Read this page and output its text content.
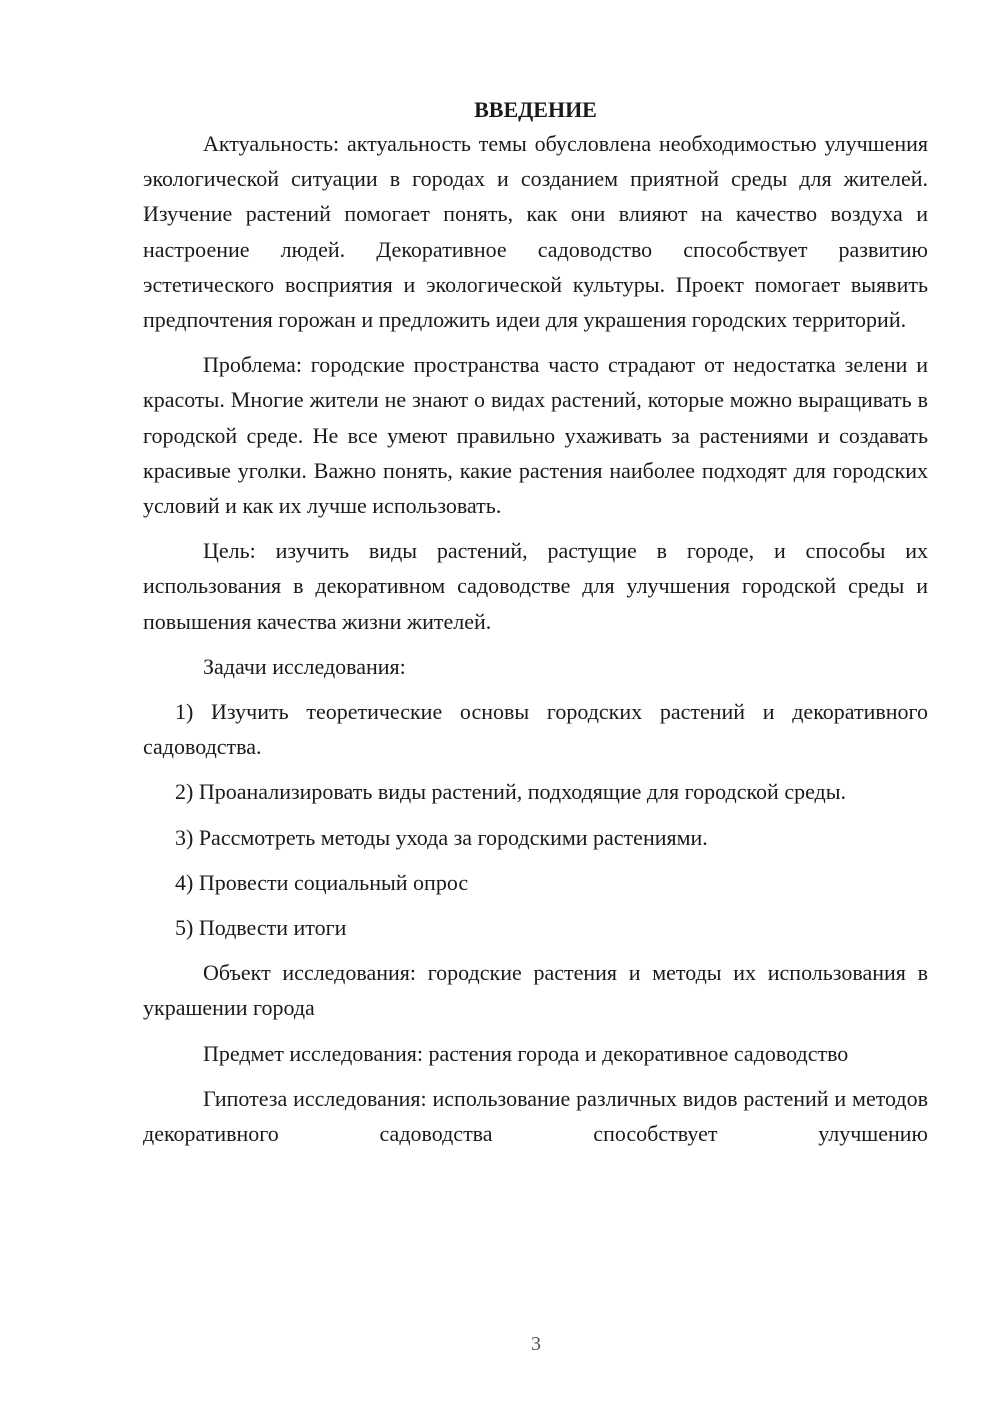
ВВЕДЕНИЕ

Актуальность: актуальность темы обусловлена необходимостью улучшения экологической ситуации в городах и созданием приятной среды для жителей. Изучение растений помогает понять, как они влияют на качество воздуха и настроение людей. Декоративное садоводство способствует развитию эстетического восприятия и экологической культуры. Проект помогает выявить предпочтения горожан и предложить идеи для украшения городских территорий.

Проблема: городские пространства часто страдают от недостатка зелени и красоты. Многие жители не знают о видах растений, которые можно выращивать в городской среде. Не все умеют правильно ухаживать за растениями и создавать красивые уголки. Важно понять, какие растения наиболее подходят для городских условий и как их лучше использовать.

Цель: изучить виды растений, растущие в городе, и способы их использования в декоративном садоводстве для улучшения городской среды и повышения качества жизни жителей.

Задачи исследования:

1) Изучить теоретические основы городских растений и декоративного садоводства.

2) Проанализировать виды растений, подходящие для городской среды.

3) Рассмотреть методы ухода за городскими растениями.

4) Провести социальный опрос

5) Подвести итоги

Объект исследования: городские растения и методы их использования в украшении города

Предмет исследования: растения города и декоративное садоводство

Гипотеза исследования: использование различных видов растений и методов декоративного садоводства способствует улучшению

3
